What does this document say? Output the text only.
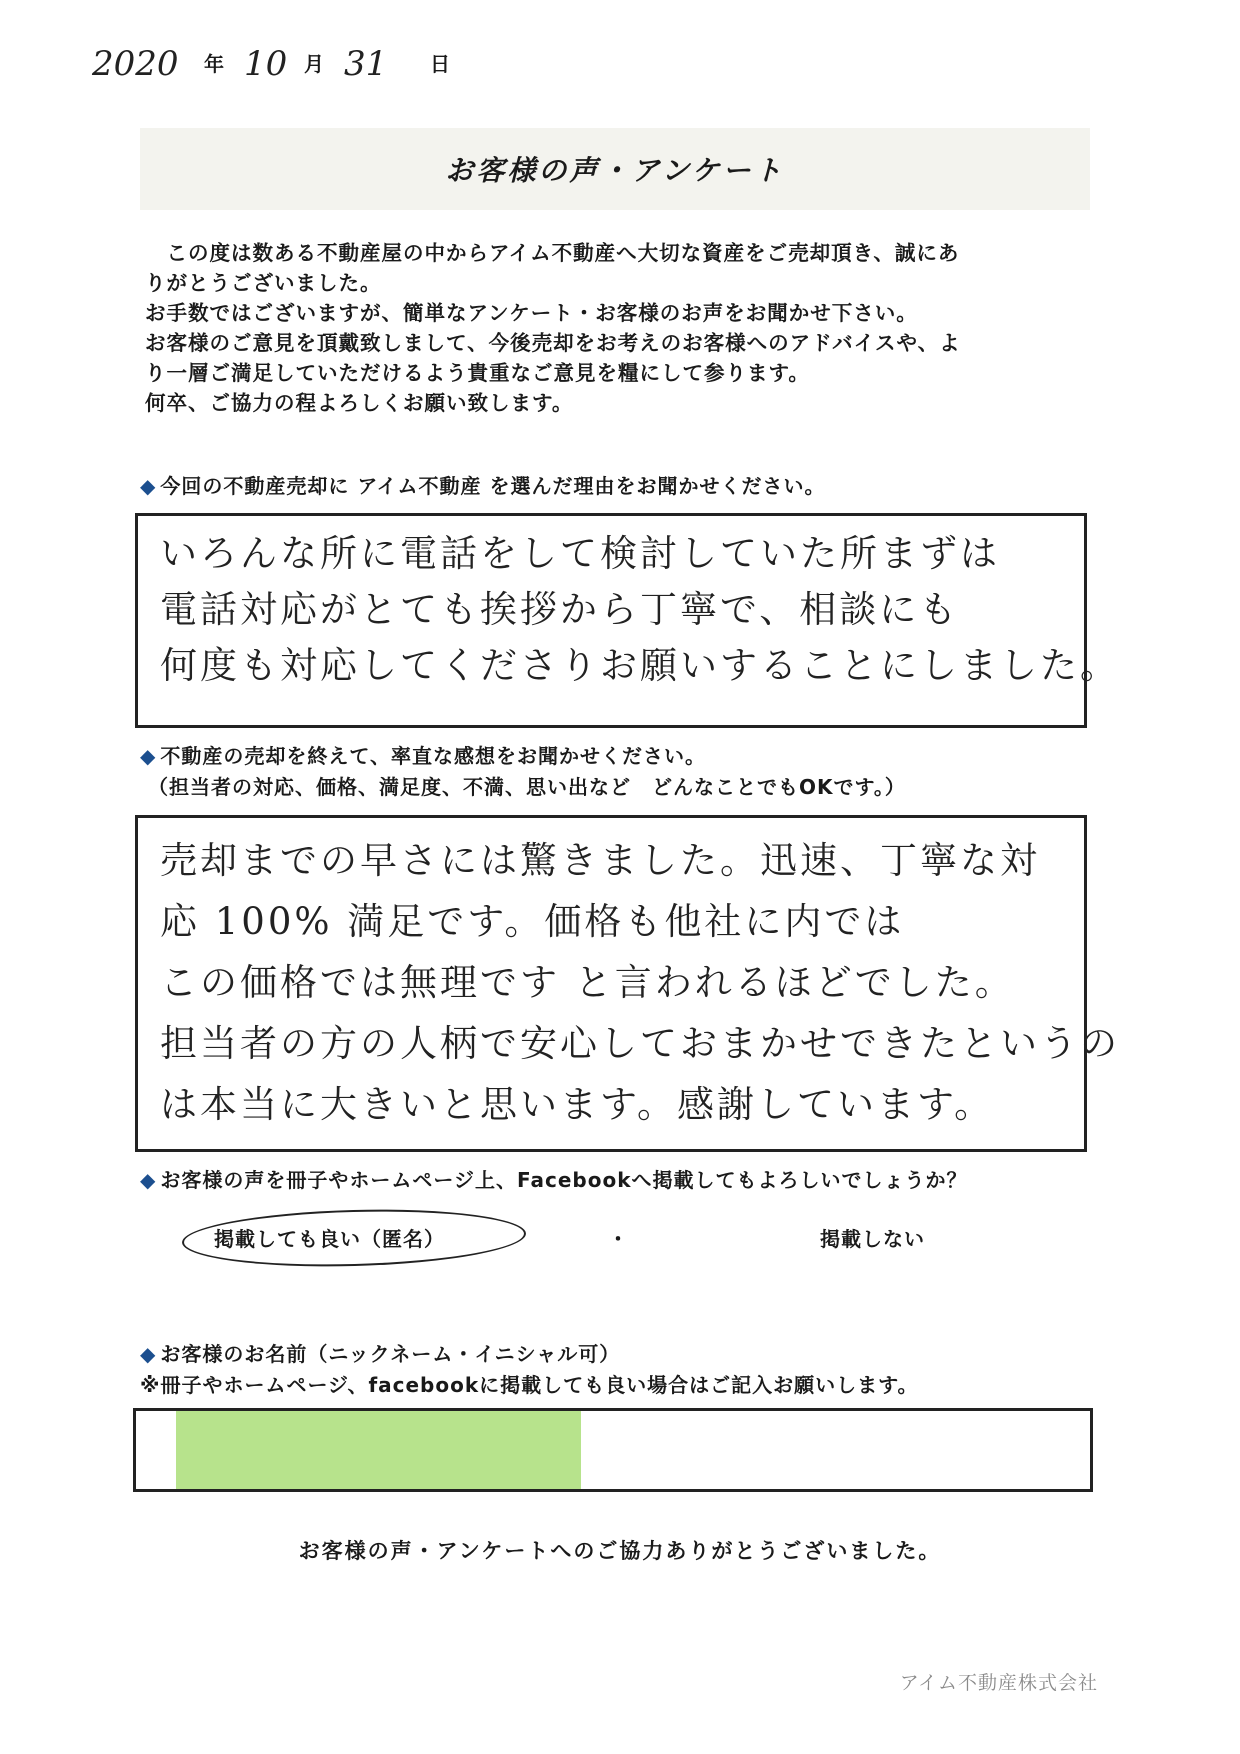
2020 年 10 月 31 日
お客様の声・アンケート

　この度は数ある不動産屋の中からアイム不動産へ大切な資産をご売却頂き、誠にあ

りがとうございました。

お手数ではございますが、簡単なアンケート・お客様のお声をお聞かせ下さい。

お客様のご意見を頂戴致しまして、今後売却をお考えのお客様へのアドバイスや、よ

り一層ご満足していただけるよう貴重なご意見を糧にして参ります。

何卒、ご協力の程よろしくお願い致します。

◆ 今回の不動産売却に アイム不動産 を選んだ理由をお聞かせください。
いろんな所に電話をして検討していた所まずは
電話対応がとても挨拶から丁寧で、相談にも
何度も対応してくださりお願いすることにしました。
◆ 不動産の売却を終えて、率直な感想をお聞かせください。
（担当者の対応、価格、満足度、不満、思い出など　どんなことでもOKです。）
売却までの早さには驚きました。迅速、丁寧な対
応 100% 満足です。価格も他社に内では
この価格では無理です と言われるほどでした。
担当者の方の人柄で安心しておまかせできたというの
は本当に大きいと思います。感謝しています。
◆ お客様の声を冊子やホームページ上、Facebookへ掲載してもよろしいでしょうか？
掲載しても良い（匿名）	・	掲載しない
◆ お客様のお名前（ニックネーム・イニシャル可）
※冊子やホームページ、facebookに掲載しても良い場合はご記入お願いします。
お客様の声・アンケートへのご協力ありがとうございました。
アイム不動産株式会社
